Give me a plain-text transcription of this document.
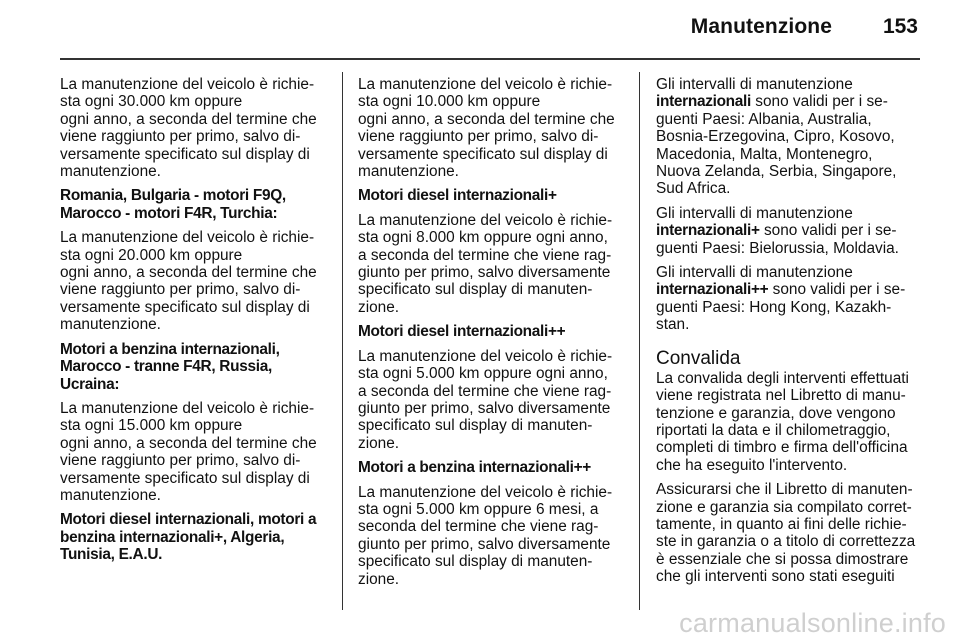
Manutenzione 153
La manutenzione del veicolo è richie-
sta ogni 30.000 km oppure
ogni anno, a seconda del termine che
viene raggiunto per primo, salvo di-
versamente specificato sul display di
manutenzione.
Romania, Bulgaria - motori F9Q,
Marocco - motori F4R, Turchia:
La manutenzione del veicolo è richie-
sta ogni 20.000 km oppure
ogni anno, a seconda del termine che
viene raggiunto per primo, salvo di-
versamente specificato sul display di
manutenzione.
Motori a benzina internazionali,
Marocco - tranne F4R, Russia,
Ucraina:
La manutenzione del veicolo è richie-
sta ogni 15.000 km oppure
ogni anno, a seconda del termine che
viene raggiunto per primo, salvo di-
versamente specificato sul display di
manutenzione.
Motori diesel internazionali, motori a
benzina internazionali+, Algeria,
Tunisia, E.A.U.
La manutenzione del veicolo è richie-
sta ogni 10.000 km oppure
ogni anno, a seconda del termine che
viene raggiunto per primo, salvo di-
versamente specificato sul display di
manutenzione.
Motori diesel internazionali+
La manutenzione del veicolo è richie-
sta ogni 8.000 km oppure ogni anno,
a seconda del termine che viene rag-
giunto per primo, salvo diversamente
specificato sul display di manuten-
zione.
Motori diesel internazionali++
La manutenzione del veicolo è richie-
sta ogni 5.000 km oppure ogni anno,
a seconda del termine che viene rag-
giunto per primo, salvo diversamente
specificato sul display di manuten-
zione.
Motori a benzina internazionali++
La manutenzione del veicolo è richie-
sta ogni 5.000 km oppure 6 mesi, a
seconda del termine che viene rag-
giunto per primo, salvo diversamente
specificato sul display di manuten-
zione.
Gli intervalli di manutenzione
internazionali sono validi per i se-
guenti Paesi: Albania, Australia,
Bosnia-Erzegovina, Cipro, Kosovo,
Macedonia, Malta, Montenegro,
Nuova Zelanda, Serbia, Singapore,
Sud Africa.
Gli intervalli di manutenzione
internazionali+ sono validi per i se-
guenti Paesi: Bielorussia, Moldavia.
Gli intervalli di manutenzione
internazionali++ sono validi per i se-
guenti Paesi: Hong Kong, Kazakh-
stan.
Convalida
La convalida degli interventi effettuati
viene registrata nel Libretto di manu-
tenzione e garanzia, dove vengono
riportati la data e il chilometraggio,
completi di timbro e firma dell'officina
che ha eseguito l'intervento.
Assicurarsi che il Libretto di manuten-
zione e garanzia sia compilato corret-
tamente, in quanto ai fini delle richie-
ste in garanzia o a titolo di correttezza
è essenziale che si possa dimostrare
che gli interventi sono stati eseguiti
carmanualsonline.info
